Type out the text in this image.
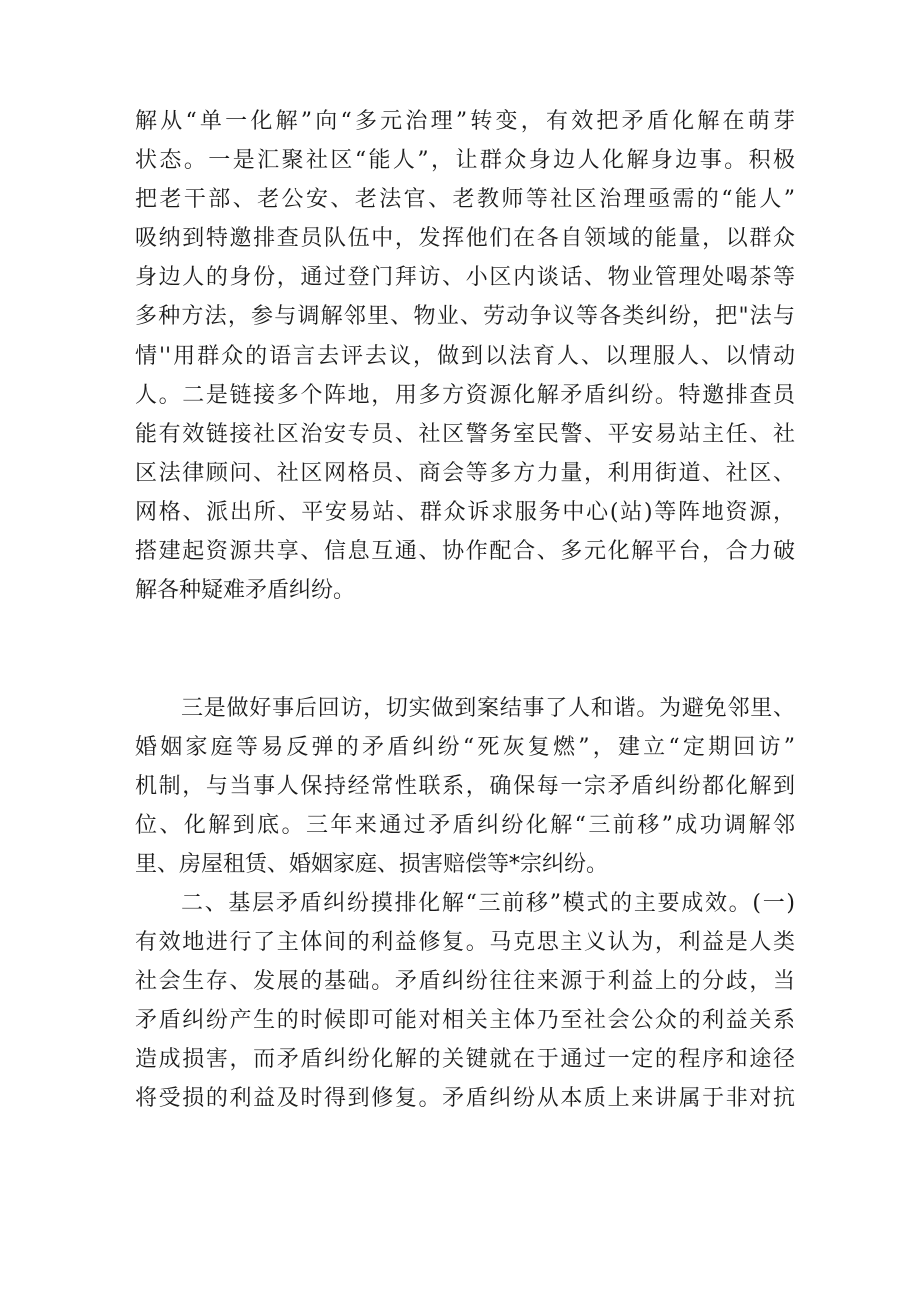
解从“单一化解”向“多元治理”转变，有效把矛盾化解在萌芽
状态。一是汇聚社区“能人”，让群众身边人化解身边事。积极
把老干部、老公安、老法官、老教师等社区治理亟需的“能人”
吸纳到特邀排查员队伍中，发挥他们在各自领域的能量，以群众
身边人的身份，通过登门拜访、小区内谈话、物业管理处喝茶等
多种方法，参与调解邻里、物业、劳动争议等各类纠纷，把"法与
情''用群众的语言去评去议，做到以法育人、以理服人、以情动
人。二是链接多个阵地，用多方资源化解矛盾纠纷。特邀排查员
能有效链接社区治安专员、社区警务室民警、平安易站主任、社
区法律顾问、社区网格员、商会等多方力量，利用街道、社区、
网格、派出所、平安易站、群众诉求服务中心(站)等阵地资源，
搭建起资源共享、信息互通、协作配合、多元化解平台，合力破
解各种疑难矛盾纠纷。
三是做好事后回访，切实做到案结事了人和谐。为避免邻里、
婚姻家庭等易反弹的矛盾纠纷“死灰复燃”，建立“定期回访”
机制，与当事人保持经常性联系，确保每一宗矛盾纠纷都化解到
位、化解到底。三年来通过矛盾纠纷化解“三前移”成功调解邻
里、房屋租赁、婚姻家庭、损害赔偿等*宗纠纷。
二、基层矛盾纠纷摸排化解“三前移”模式的主要成效。(一)
有效地进行了主体间的利益修复。马克思主义认为，利益是人类
社会生存、发展的基础。矛盾纠纷往往来源于利益上的分歧，当
矛盾纠纷产生的时候即可能对相关主体乃至社会公众的利益关系
造成损害，而矛盾纠纷化解的关键就在于通过一定的程序和途径
将受损的利益及时得到修复。矛盾纠纷从本质上来讲属于非对抗
